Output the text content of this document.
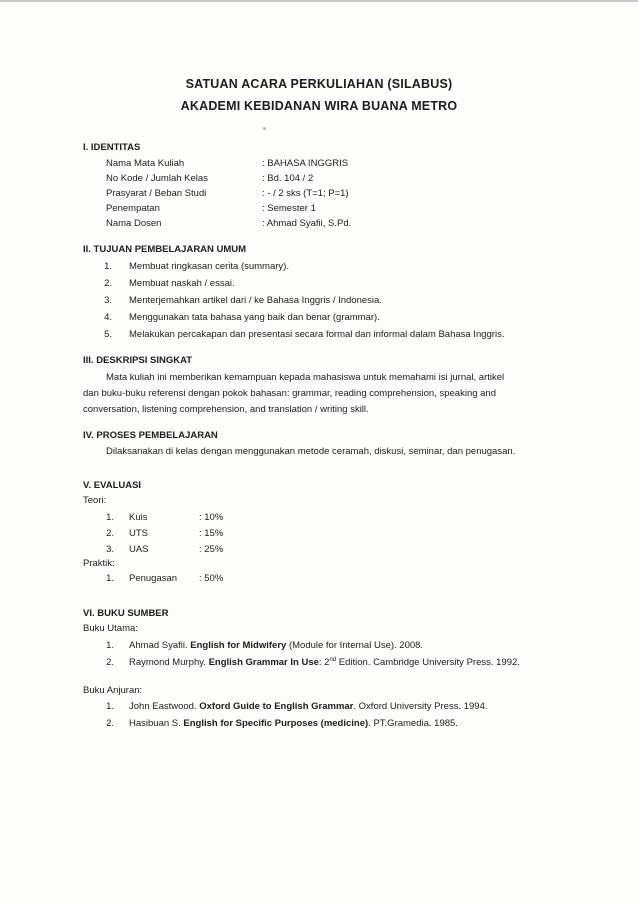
SATUAN ACARA PERKULIAHAN (SILABUS)
AKADEMI KEBIDANAN WIRA BUANA METRO
I. IDENTITAS
Nama Mata Kuliah	: BAHASA INGGRIS
No Kode / Jumlah Kelas	: Bd. 104 / 2
Prasyarat / Beban Studi	: - / 2 sks (T=1; P=1)
Penempatan	: Semester 1
Nama Dosen	: Ahmad Syafii, S.Pd.
II. TUJUAN PEMBELAJARAN UMUM
1. Membuat ringkasan cerita (summary).
2. Membuat naskah / essai.
3. Menterjemahkan artikel dari / ke Bahasa Inggris / Indonesia.
4. Menggunakan tata bahasa yang baik dan benar (grammar).
5. Melakukan percakapan dan presentasi secara formal dan informal dalam Bahasa Inggris.
III. DESKRIPSI SINGKAT
Mata kuliah ini memberikan kemampuan kepada mahasiswa untuk memahami isi jurnal, artikel
dan buku-buku referensi dengan pokok bahasan: grammar, reading comprehension, speaking and
conversation, listening comprehension, and translation / writing skill.
IV. PROSES PEMBELAJARAN
Dilaksanakan di kelas dengan menggunakan metode ceramah, diskusi, seminar, dan penugasan.
V. EVALUASI
Teori:
1. Kuis	: 10%
2. UTS	: 15%
3. UAS	: 25%
Praktik:
1. Penugasan : 50%
VI. BUKU SUMBER
Buku Utama:
1. Ahmad Syafii. English for Midwifery (Module for Internal Use). 2008.
2. Raymond Murphy. English Grammar In Use: 2nd Edition. Cambridge University Press. 1992.
Buku Anjuran:
1. John Eastwood. Oxford Guide to English Grammar. Oxford University Press. 1994.
2. Hasibuan S. English for Specific Purposes (medicine). PT.Gramedia. 1985.
